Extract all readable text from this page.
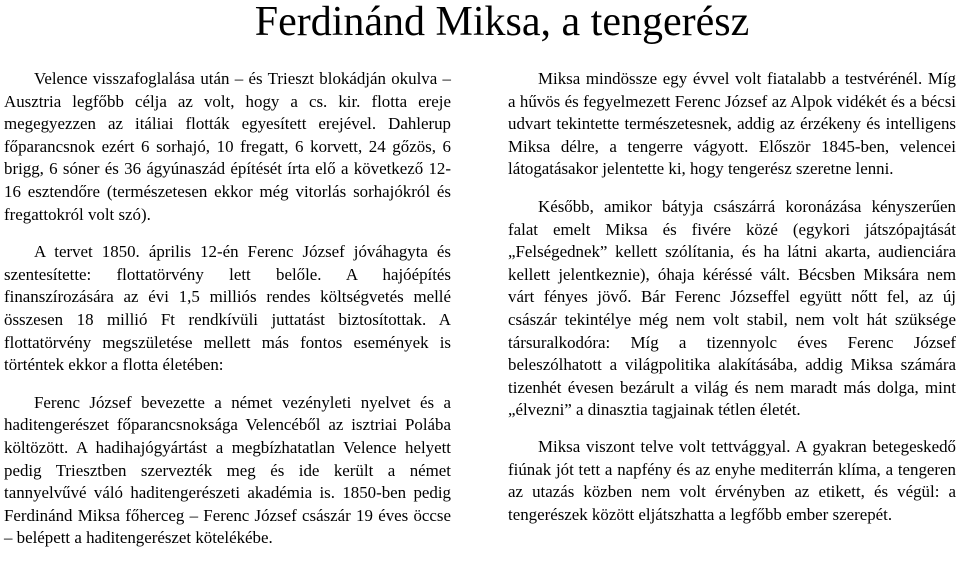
Ferdinánd Miksa, a tengerész

Velence visszafoglalása után – és Trieszt blokádján okulva – Ausztria legfőbb célja az volt, hogy a cs. kir. flotta ereje megegyezzen az itáliai flották egyesített erejével. Dahlerup főparancsnok ezért 6 sorhajó, 10 fregatt, 6 korvett, 24 gőzös, 6 brigg, 6 sóner és 36 ágyúnaszád építését írta elő a következő 12-16 esztendőre (természetesen ekkor még vitorlás sorhajókról és fregattokról volt szó).

A tervet 1850. április 12-én Ferenc József jóváhagyta és szentesítette: flottatörvény lett belőle. A hajóépítés finanszírozására az évi 1,5 milliós rendes költségvetés mellé összesen 18 millió Ft rendkívüli juttatást biztosítottak. A flottatörvény megszületése mellett más fontos események is történtek ekkor a flotta életében:

Ferenc József bevezette a német vezényleti nyelvet és a haditengerészet főparancsnoksága Velencéből az isztriai Polába költözött. A hadihajógyártást a megbízhatatlan Velence helyett pedig Triesztben szervezték meg és ide került a német tannyelvűvé váló haditengerészeti akadémia is. 1850-ben pedig Ferdinánd Miksa főherceg – Ferenc József császár 19 éves öccse – belépett a haditengerészet kötelékébe.

Miksa mindössze egy évvel volt fiatalabb a testvérénél. Míg a hűvös és fegyelmezett Ferenc József az Alpok vidékét és a bécsi udvart tekintette természetesnek, addig az érzékeny és intelligens Miksa délre, a tengerre vágyott. Először 1845-ben, velencei látogatásakor jelentette ki, hogy tengerész szeretne lenni.

Később, amikor bátyja császárrá koronázása kényszerűen falat emelt Miksa és fivére közé (egykori játszópajtását „Felségednek” kellett szólítania, és ha látni akarta, audienciára kellett jelentkeznie), óhaja kéréssé vált. Bécsben Miksára nem várt fényes jövő. Bár Ferenc Józseffel együtt nőtt fel, az új császár tekintélye még nem volt stabil, nem volt hát szüksége társuralkodóra: Míg a tizennyolc éves Ferenc József beleszólhatott a világpolitika alakításába, addig Miksa számára tizenhét évesen bezárult a világ és nem maradt más dolga, mint „élvezni” a dinasztia tagjainak tétlen életét.

Miksa viszont telve volt tettvággyal. A gyakran betegeskedő fiúnak jót tett a napfény és az enyhe mediterrán klíma, a tengeren az utazás közben nem volt érvényben az etikett, és végül: a tengerészek között eljátszhatta a legfőbb ember szerepét.
